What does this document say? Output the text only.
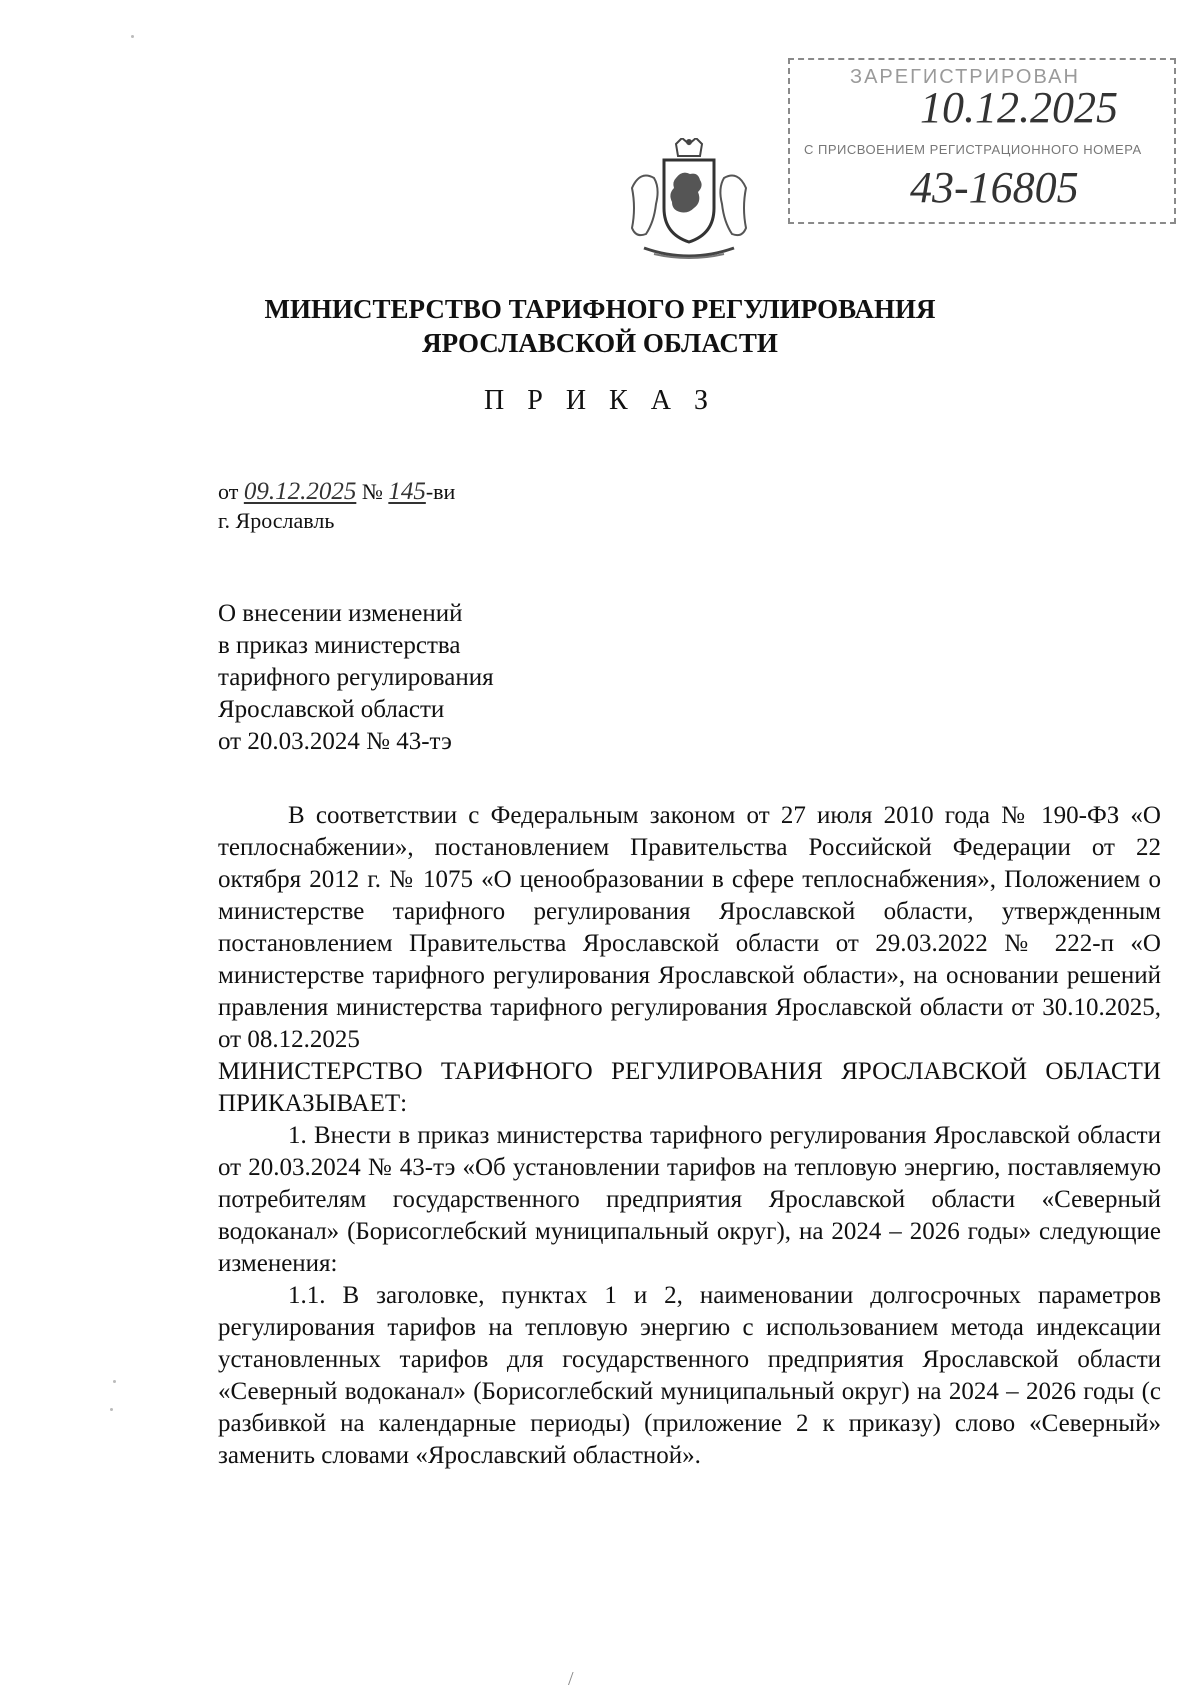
ЗАРЕГИСТРИРОВАН
10.12.2025
С ПРИСВОЕНИЕМ РЕГИСТРАЦИОННОГО НОМЕРА
43-16805
МИНИСТЕРСТВО ТАРИФНОГО РЕГУЛИРОВАНИЯ
ЯРОСЛАВСКОЙ ОБЛАСТИ
П Р И К А З
от 09.12.2025 № 145-ви
г. Ярославль
О внесении изменений
в приказ министерства
тарифного регулирования
Ярославской области
от 20.03.2024 № 43-тэ

В соответствии с Федеральным законом от 27 июля 2010 года № 190-ФЗ «О теплоснабжении», постановлением Правительства Российской Федерации от 22 октября 2012 г. № 1075 «О ценообразовании в сфере теплоснабжения», Положением о министерстве тарифного регулирования Ярославской области, утвержденным постановлением Правительства Ярославской области от 29.03.2022 № 222-п «О министерстве тарифного регулирования Ярославской области», на основании решений правления министерства тарифного регулирования Ярославской области от 30.10.2025, от 08.12.2025

МИНИСТЕРСТВО ТАРИФНОГО РЕГУЛИРОВАНИЯ ЯРОСЛАВСКОЙ ОБЛАСТИ ПРИКАЗЫВАЕТ:

1. Внести в приказ министерства тарифного регулирования Ярославской области от 20.03.2024 № 43-тэ «Об установлении тарифов на тепловую энергию, поставляемую потребителям государственного предприятия Ярославской области «Северный водоканал» (Борисоглебский муниципальный округ), на 2024 – 2026 годы» следующие изменения:

1.1. В заголовке, пунктах 1 и 2, наименовании долгосрочных параметров регулирования тарифов на тепловую энергию с использованием метода индексации установленных тарифов для государственного предприятия Ярославской области «Северный водоканал» (Борисоглебский муниципальный округ) на 2024 – 2026 годы (с разбивкой на календарные периоды) (приложение 2 к приказу) слово «Северный» заменить словами «Ярославский областной».

/
